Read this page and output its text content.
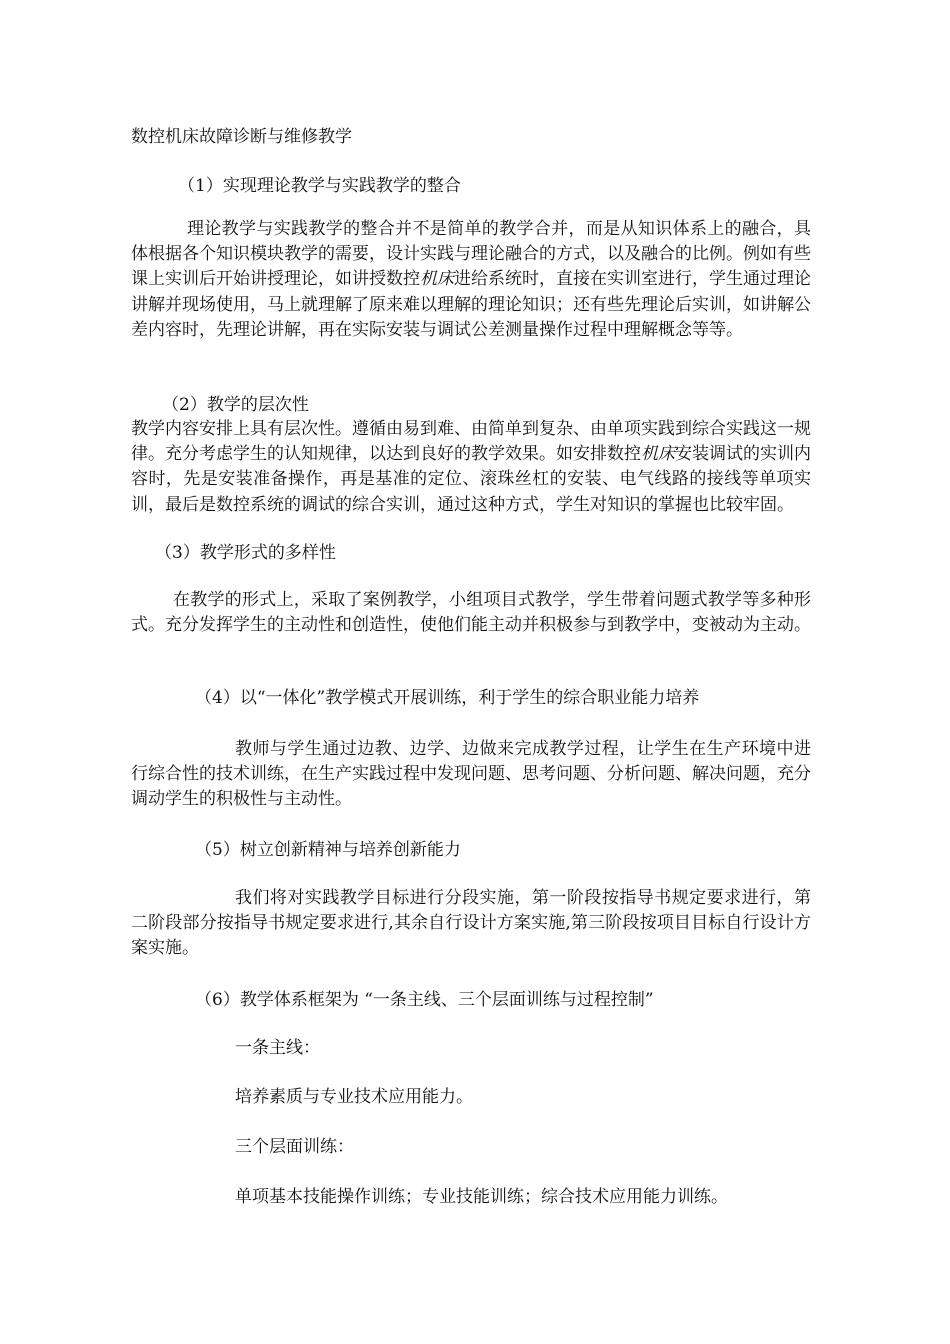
数控机床故障诊断与维修教学
（1）实现理论教学与实践教学的整合
理论教学与实践教学的整合并不是简单的教学合并，而是从知识体系上的融合，具体根据各个知识模块教学的需要，设计实践与理论融合的方式，以及融合的比例。例如有些课上实训后开始讲授理论，如讲授数控机床进给系统时，直接在实训室进行，学生通过理论讲解并现场使用，马上就理解了原来难以理解的理论知识；还有些先理论后实训，如讲解公差内容时，先理论讲解，再在实际安装与调试公差测量操作过程中理解概念等等。
（2）教学的层次性
教学内容安排上具有层次性。遵循由易到难、由简单到复杂、由单项实践到综合实践这一规律。充分考虑学生的认知规律，以达到良好的教学效果。如安排数控机床安装调试的实训内容时，先是安装准备操作，再是基准的定位、滚珠丝杠的安装、电气线路的接线等单项实训，最后是数控系统的调试的综合实训，通过这种方式，学生对知识的掌握也比较牢固。
（3）教学形式的多样性
在教学的形式上，采取了案例教学，小组项目式教学，学生带着问题式教学等多种形式。充分发挥学生的主动性和创造性，使他们能主动并积极参与到教学中，变被动为主动。
（4）以“一体化”教学模式开展训练，利于学生的综合职业能力培养
教师与学生通过边教、边学、边做来完成教学过程，让学生在生产环境中进行综合性的技术训练，在生产实践过程中发现问题、思考问题、分析问题、解决问题，充分调动学生的积极性与主动性。
（5）树立创新精神与培养创新能力
我们将对实践教学目标进行分段实施，第一阶段按指导书规定要求进行，第二阶段部分按指导书规定要求进行,其余自行设计方案实施,第三阶段按项目目标自行设计方案实施。
（6）教学体系框架为 “一条主线、三个层面训练与过程控制”
一条主线：
培养素质与专业技术应用能力。
三个层面训练：
单项基本技能操作训练；专业技能训练；综合技术应用能力训练。
